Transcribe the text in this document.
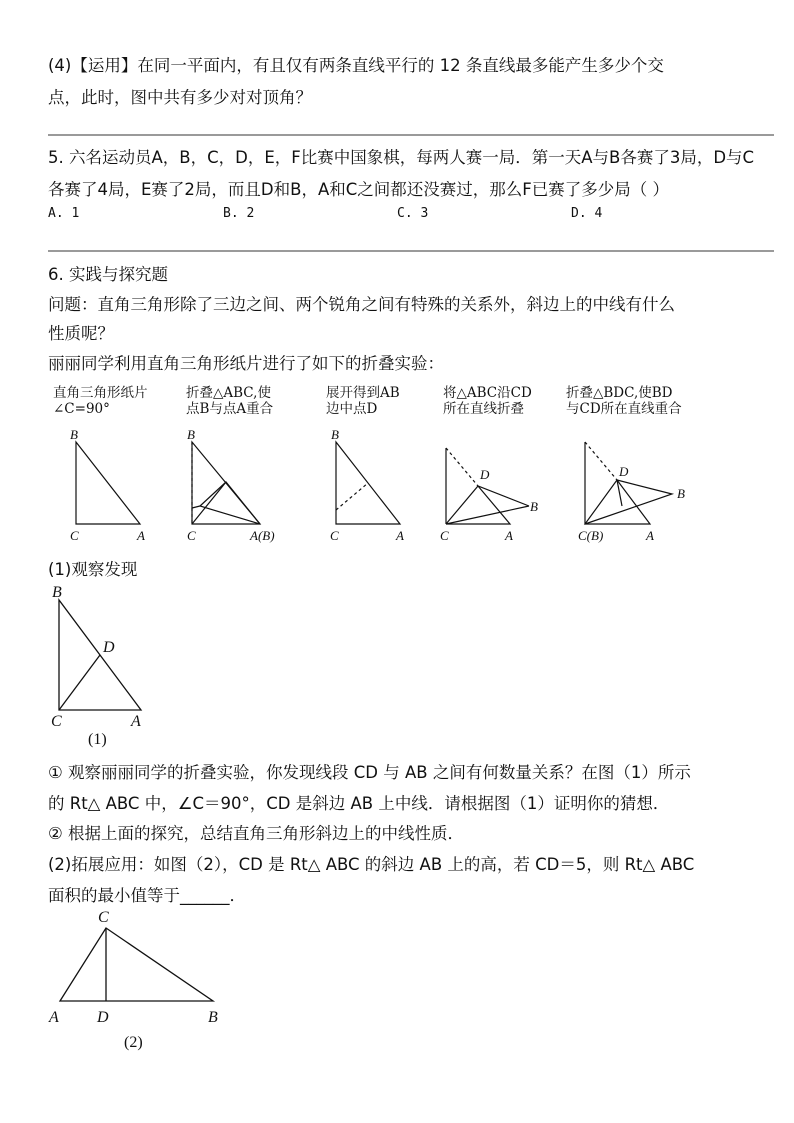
(4)【运用】在同一平面内，有且仅有两条直线平行的 12 条直线最多能产生多少个交
点，此时，图中共有多少对对顶角？
5. 六名运动员A，B，C，D，E，F比赛中国象棋，每两人赛一局．第一天A与B各赛了3局，D与C
各赛了4局，E赛了2局，而且D和B，A和C之间都还没赛过，那么F已赛了多少局（ ）
A. 1	B. 2	C. 3	D. 4
6. 实践与探究题
问题：直角三角形除了三边之间、两个锐角之间有特殊的关系外，斜边上的中线有什么
性质呢？
丽丽同学利用直角三角形纸片进行了如下的折叠实验：
直角三角形纸片
∠C=90°
折叠△ABC,使
点B与点A重合
展开得到AB
边中点D
将△ABC沿CD
所在直线折叠
折叠△BDC,使BD
与CD所在直线重合
B
C	A
B
C	A(B)
B
C	A
D
B
C	A
D
B
C(B)	A
(1)观察发现
B
D
C	A
(1)
① 观察丽丽同学的折叠实验，你发现线段 CD 与 AB 之间有何数量关系？在图（1）所示
的 Rt△ ABC 中，∠C＝90°，CD 是斜边 AB 上中线．请根据图（1）证明你的猜想．
② 根据上面的探究，总结直角三角形斜边上的中线性质．
(2)拓展应用：如图（2），CD 是 Rt△ ABC 的斜边 AB 上的高，若 CD＝5，则 Rt△ ABC
面积的最小值等于______．
C
A D	B
(2)
